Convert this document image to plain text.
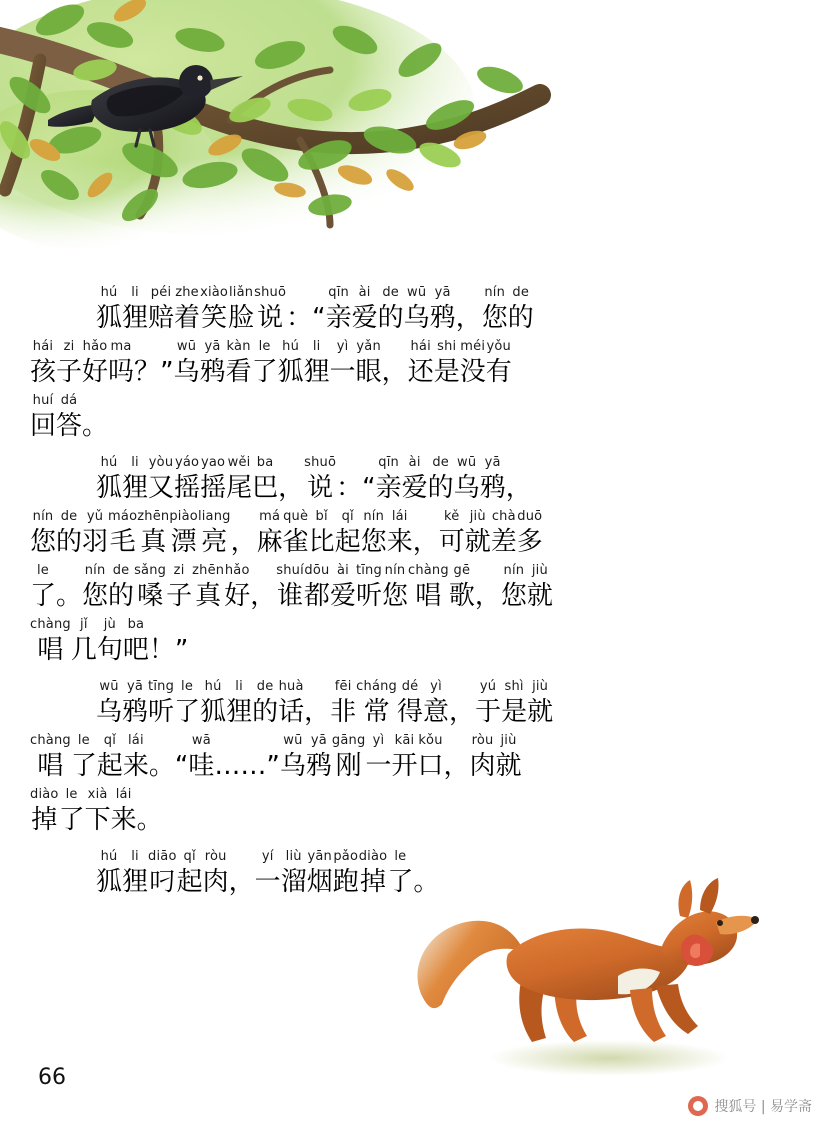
hú
狐
li
狸
péi
赔
zhe
着
xiào
笑
liǎn
脸
shuō
说 ：“
qīn
亲
ài
爱
de
的
wū
乌
yā
鸦 ，
nín
您
de
的
hái
孩
zi
子
hǎo
好
ma
吗 ？”
wū
乌
yā
鸦
kàn
看
le
了
hú
狐
li
狸
yì
一
yǎn
眼 ，
hái
还
shi
是
méi
没
yǒu
有
huí
回
dá
答 。
hú
狐
li
狸
yòu
又
yáo
摇
yao
摇
wěi
尾
ba
巴 ，
shuō
说 ：“
qīn
亲
ài
爱
de
的
wū
乌
yā
鸦 ，
nín
您
de
的
yǔ
羽
máo
毛
zhēn
真
piào
漂
liang
亮 ，
má
麻
què
雀
bǐ
比
qǐ
起
nín
您
lái
来 ，
kě
可
jiù
就
chà
差
duō
多
le
了 。
nín
您
de
的
sǎng
嗓
zi
子
zhēn
真
hǎo
好 ，
shuí
谁
dōu
都
ài
爱
tīng
听
nín
您
chàng
唱
gē
歌 ，
nín
您
jiù
就
chàng
唱
jǐ
几
jù
句
ba
吧 ！”
wū
乌
yā
鸦
tīng
听
le
了
hú
狐
li
狸
de
的
huà
话 ，
fēi
非
cháng
常
dé
得
yì
意 ，
yú
于
shì
是
jiù
就
chàng
唱
le
了
qǐ
起
lái
来 。“
wā
哇 ……”
wū
乌
yā
鸦
gāng
刚
yì
一
kāi
开
kǒu
口 ，
ròu
肉
jiù
就
diào
掉
le
了
xià
下
lái
来 。
hú
狐
li
狸
diāo
叼
qǐ
起
ròu
肉 ，
yí
一
liù
溜
yān
烟
pǎo
跑
diào
掉
le
了 。
66
搜狐号 | 易学斋
